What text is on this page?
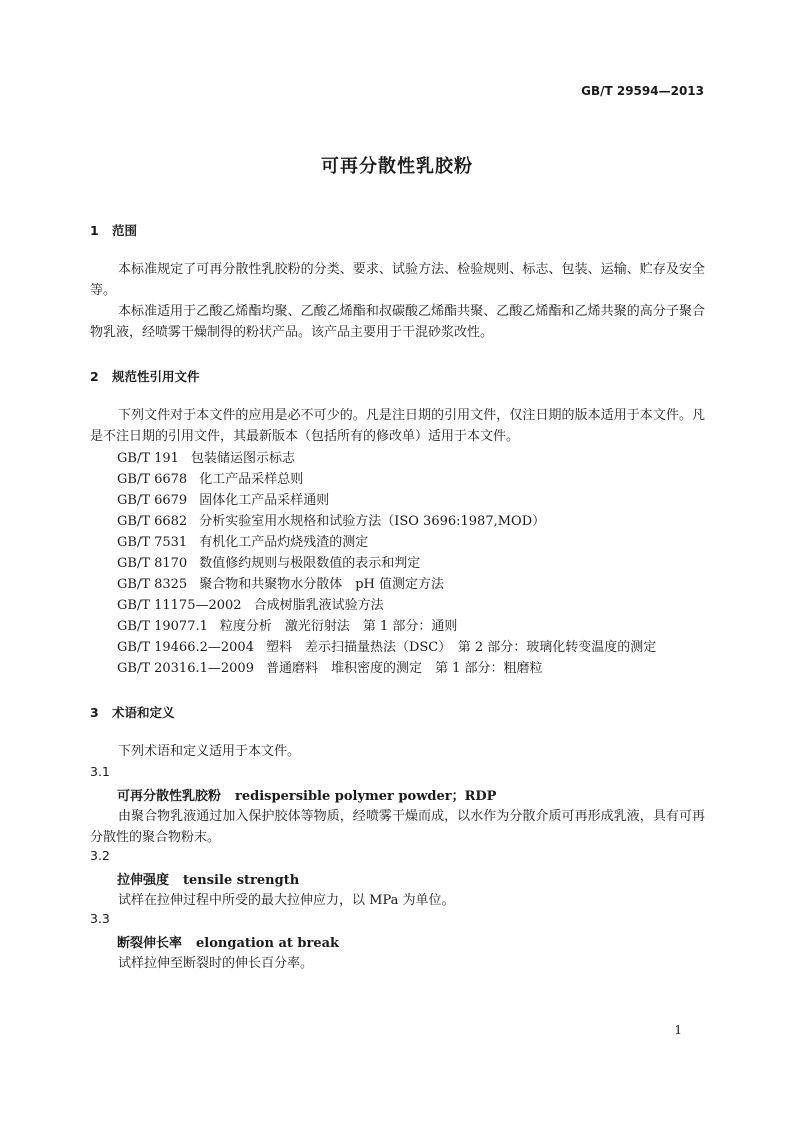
GB/T 29594—2013
可再分散性乳胶粉
1 范围
本标准规定了可再分散性乳胶粉的分类、要求、试验方法、检验规则、标志、包装、运输、贮存及安全等。
本标准适用于乙酸乙烯酯均聚、乙酸乙烯酯和叔碳酸乙烯酯共聚、乙酸乙烯酯和乙烯共聚的高分子聚合物乳液，经喷雾干燥制得的粉状产品。该产品主要用于干混砂浆改性。
2 规范性引用文件
下列文件对于本文件的应用是必不可少的。凡是注日期的引用文件，仅注日期的版本适用于本文件。凡是不注日期的引用文件，其最新版本（包括所有的修改单）适用于本文件。
GB/T 191 包装储运图示标志
GB/T 6678 化工产品采样总则
GB/T 6679 固体化工产品采样通则
GB/T 6682 分析实验室用水规格和试验方法（ISO 3696:1987,MOD）
GB/T 7531 有机化工产品灼烧残渣的测定
GB/T 8170 数值修约规则与极限数值的表示和判定
GB/T 8325 聚合物和共聚物水分散体　pH 值测定方法
GB/T 11175—2002 合成树脂乳液试验方法
GB/T 19077.1 粒度分析　激光衍射法　第 1 部分：通则
GB/T 19466.2—2004 塑料　差示扫描量热法（DSC）　第 2 部分：玻璃化转变温度的测定
GB/T 20316.1—2009 普通磨料　堆积密度的测定　第 1 部分：粗磨粒
3 术语和定义
下列术语和定义适用于本文件。
3.1
可再分散性乳胶粉 redispersible polymer powder；RDP
由聚合物乳液通过加入保护胶体等物质，经喷雾干燥而成，以水作为分散介质可再形成乳液，具有可再分散性的聚合物粉末。
3.2
拉伸强度 tensile strength
试样在拉伸过程中所受的最大拉伸应力，以 MPa 为单位。
3.3
断裂伸长率 elongation at break
试样拉伸至断裂时的伸长百分率。
1
